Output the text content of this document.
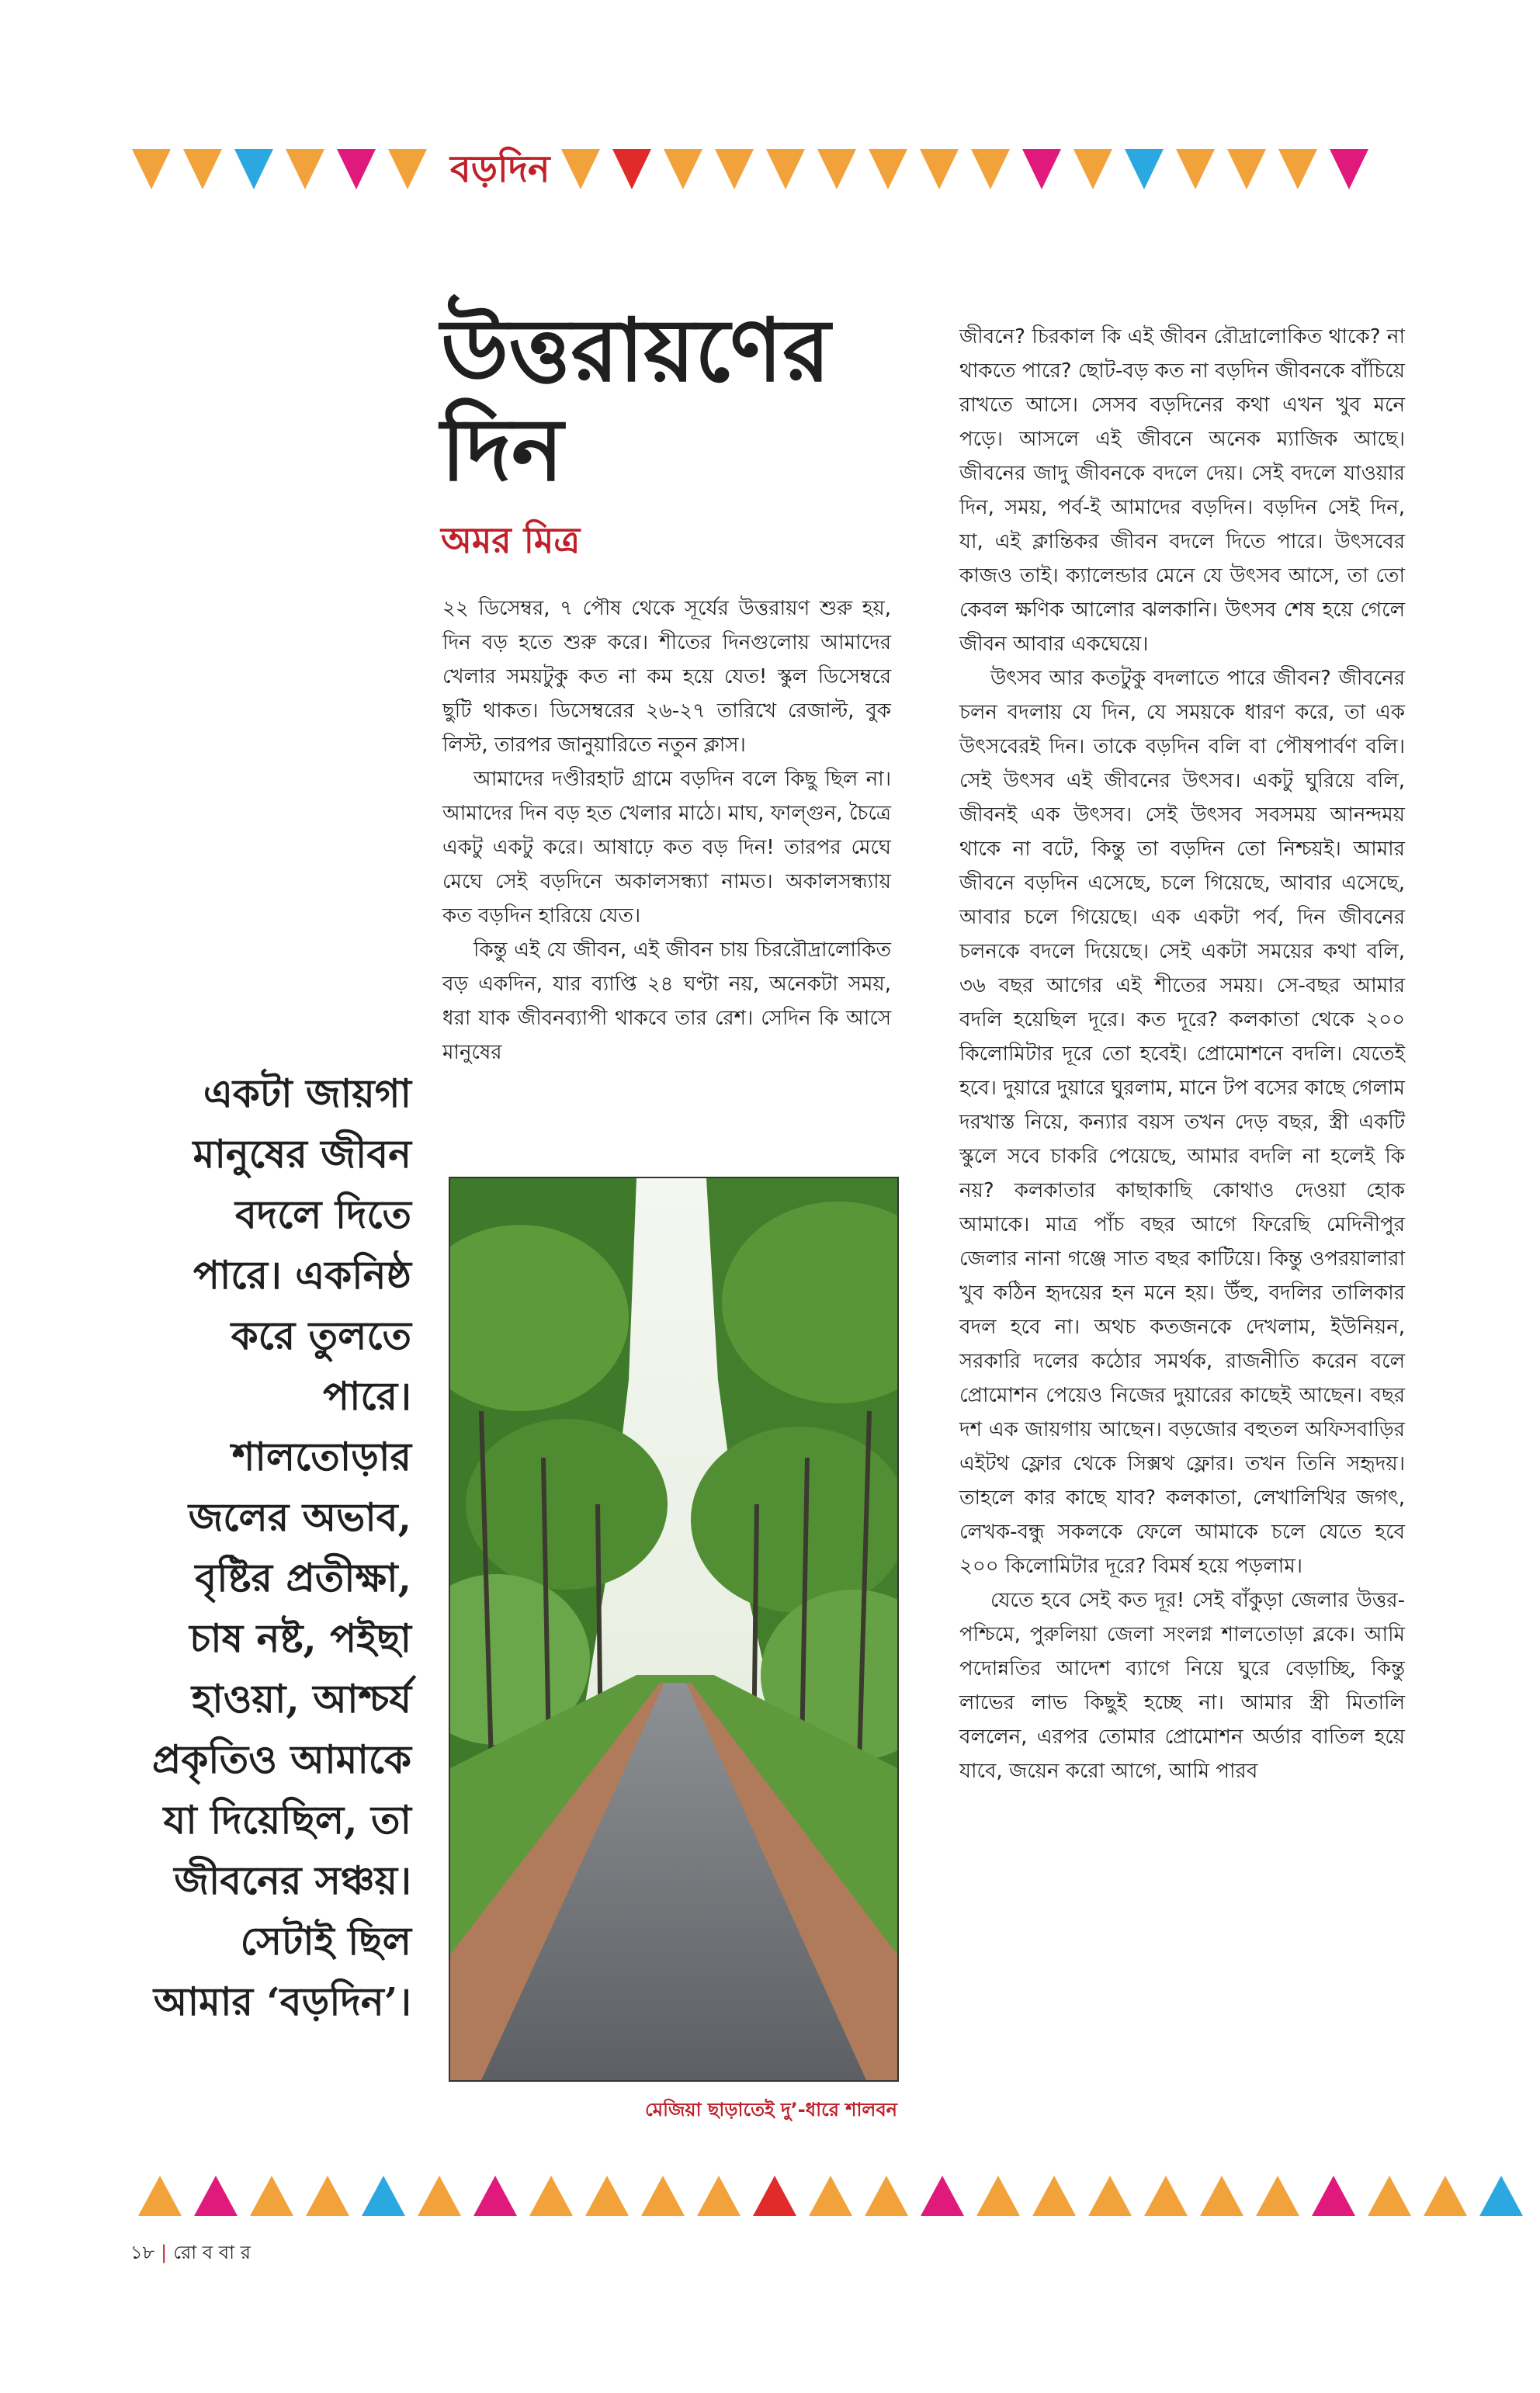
বড়দিন
উত্তরায়ণের দিন
অমর মিত্র

২২ ডিসেম্বর, ৭ পৌষ থেকে সূর্যের উত্তরায়ণ শুরু হয়, দিন বড় হতে শুরু করে। শীতের দিনগুলোয় আমাদের খেলার সময়টুকু কত না কম হয়ে যেত! স্কুল ডিসেম্বরে ছুটি থাকত। ডিসেম্বরের ২৬-২৭ তারিখে রেজাল্ট, বুক লিস্ট, তারপর জানুয়ারিতে নতুন ক্লাস।

আমাদের দণ্ডীরহাট গ্রামে বড়দিন বলে কিছু ছিল না। আমাদের দিন বড় হত খেলার মাঠে। মাঘ, ফাল্গুন, চৈত্রে একটু একটু করে। আষাঢ়ে কত বড় দিন! তারপর মেঘে মেঘে সেই বড়দিনে অকালসন্ধ্যা নামত। অকালসন্ধ্যায় কত বড়দিন হারিয়ে যেত।

কিন্তু এই যে জীবন, এই জীবন চায় চিররৌদ্রালোকিত বড় একদিন, যার ব্যাপ্তি ২৪ ঘণ্টা নয়, অনেকটা সময়, ধরা যাক জীবনব্যাপী থাকবে তার রেশ। সেদিন কি আসে মানুষের

একটা জায়গা মানুষের জীবন বদলে দিতে পারে। একনিষ্ঠ করে তুলতে পারে। শালতোড়ার জলের অভাব, বৃষ্টির প্রতীক্ষা, চাষ নষ্ট, পইছা হাওয়া, আশ্চর্য প্রকৃতিও আমাকে যা দিয়েছিল, তা জীবনের সঞ্চয়। সেটাই ছিল আমার ‘বড়দিন’।

মেজিয়া ছাড়াতেই দু’-ধারে শালবন

জীবনে? চিরকাল কি এই জীবন রৌদ্রালোকিত থাকে? না থাকতে পারে? ছোট-বড় কত না বড়দিন জীবনকে বাঁচিয়ে রাখতে আসে। সেসব বড়দিনের কথা এখন খুব মনে পড়ে। আসলে এই জীবনে অনেক ম্যাজিক আছে। জীবনের জাদু জীবনকে বদলে দেয়। সেই বদলে যাওয়ার দিন, সময়, পর্ব-ই আমাদের বড়দিন। বড়দিন সেই দিন, যা, এই ক্লান্তিকর জীবন বদলে দিতে পারে। উৎসবের কাজও তাই। ক্যালেন্ডার মেনে যে উৎসব আসে, তা তো কেবল ক্ষণিক আলোর ঝলকানি। উৎসব শেষ হয়ে গেলে জীবন আবার একঘেয়ে।

উৎসব আর কতটুকু বদলাতে পারে জীবন? জীবনের চলন বদলায় যে দিন, যে সময়কে ধারণ করে, তা এক উৎসবেরই দিন। তাকে বড়দিন বলি বা পৌষপার্বণ বলি। সেই উৎসব এই জীবনের উৎসব। একটু ঘুরিয়ে বলি, জীবনই এক উৎসব। সেই উৎসব সবসময় আনন্দময় থাকে না বটে, কিন্তু তা বড়দিন তো নিশ্চয়ই। আমার জীবনে বড়দিন এসেছে, চলে গিয়েছে, আবার এসেছে, আবার চলে গিয়েছে। এক একটা পর্ব, দিন জীবনের চলনকে বদলে দিয়েছে। সেই একটা সময়ের কথা বলি, ৩৬ বছর আগের এই শীতের সময়। সে-বছর আমার বদলি হয়েছিল দূরে। কত দূরে? কলকাতা থেকে ২০০ কিলোমিটার দূরে তো হবেই। প্রোমোশনে বদলি। যেতেই হবে। দুয়ারে দুয়ারে ঘুরলাম, মানে টপ বসের কাছে গেলাম দরখাস্ত নিয়ে, কন্যার বয়স তখন দেড় বছর, স্ত্রী একটি স্কুলে সবে চাকরি পেয়েছে, আমার বদলি না হলেই কি নয়? কলকাতার কাছাকাছি কোথাও দেওয়া হোক আমাকে। মাত্র পাঁচ বছর আগে ফিরেছি মেদিনীপুর জেলার নানা গঞ্জে সাত বছর কাটিয়ে। কিন্তু ওপরয়ালারা খুব কঠিন হৃদয়ের হন মনে হয়। উঁহু, বদলির তালিকার বদল হবে না। অথচ কতজনকে দেখলাম, ইউনিয়ন, সরকারি দলের কঠোর সমর্থক, রাজনীতি করেন বলে প্রোমোশন পেয়েও নিজের দুয়ারের কাছেই আছেন। বছর দশ এক জায়গায় আছেন। বড়জোর বহুতল অফিসবাড়ির এইটথ ফ্লোর থেকে সিক্সথ ফ্লোর। তখন তিনি সহৃদয়। তাহলে কার কাছে যাব? কলকাতা, লেখালিখির জগৎ, লেখক-বন্ধু সকলকে ফেলে আমাকে চলে যেতে হবে ২০০ কিলোমিটার দূরে? বিমর্ষ হয়ে পড়লাম।

যেতে হবে সেই কত দূর! সেই বাঁকুড়া জেলার উত্তর-পশ্চিমে, পুরুলিয়া জেলা সংলগ্ন শালতোড়া ব্লকে। আমি পদোন্নতির আদেশ ব্যাগে নিয়ে ঘুরে বেড়াচ্ছি, কিন্তু লাভের লাভ কিছুই হচ্ছে না। আমার স্ত্রী মিতালি বললেন, এরপর তোমার প্রোমোশন অর্ডার বাতিল হয়ে যাবে, জয়েন করো আগে, আমি পারব

১৮ | রো ব বা র
